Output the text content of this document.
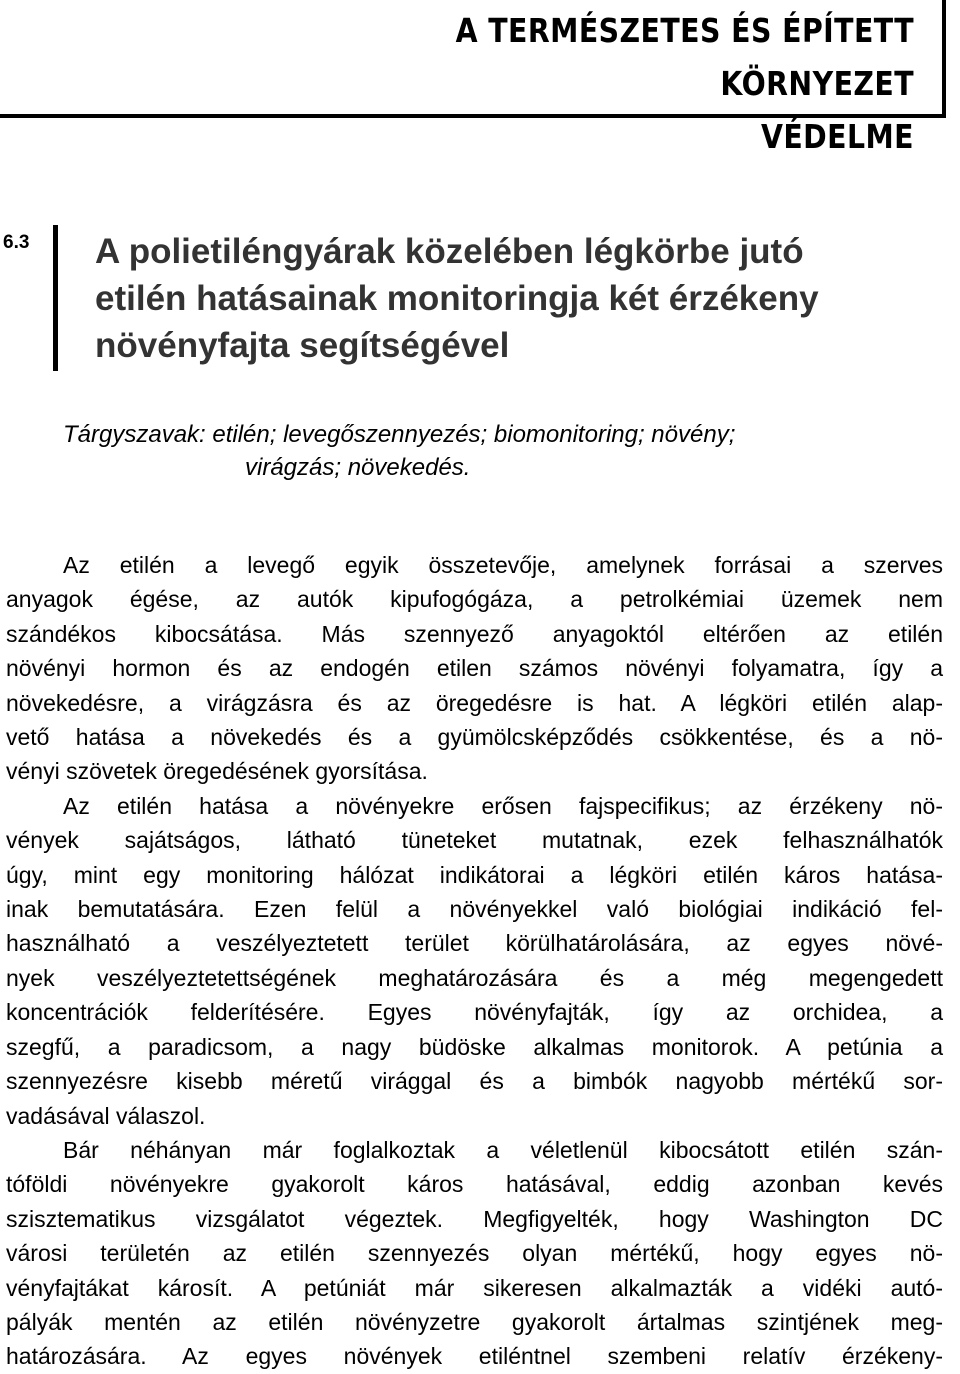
A TERMÉSZETES ÉS ÉPÍTETT KÖRNYEZET
VÉDELME
6.3 A polietiléngyárak közelében légkörbe jutó
etilén hatásainak monitoringja két érzékeny
növényfajta segítségével
Tárgyszavak: etilén; levegőszennyezés; biomonitoring; növény;
virágzás; növekedés.

Az etilén a levegő egyik összetevője, amelynek forrásai a szerves
anyagok égése, az autók kipufogógáza, a petrolkémiai üzemek nem
szándékos kibocsátása. Más szennyező anyagoktól eltérően az etilén
növényi hormon és az endogén etilen számos növényi folyamatra, így a
növekedésre, a virágzásra és az öregedésre is hat. A légköri etilén alap-
vető hatása a növekedés és a gyümölcsképződés csökkentése, és a nö-
vényi szövetek öregedésének gyorsítása.

Az etilén hatása a növényekre erősen fajspecifikus; az érzékeny nö-
vények sajátságos, látható tüneteket mutatnak, ezek felhasználhatók
úgy, mint egy monitoring hálózat indikátorai a légköri etilén káros hatása-
inak bemutatására. Ezen felül a növényekkel való biológiai indikáció fel-
használható a veszélyeztetett terület körülhatárolására, az egyes növé-
nyek veszélyeztetettségének meghatározására és a még megengedett
koncentrációk felderítésére. Egyes növényfajták, így az orchidea, a
szegfű, a paradicsom, a nagy büdöske alkalmas monitorok. A petúnia a
szennyezésre kisebb méretű virággal és a bimbók nagyobb mértékű sor-
vadásával válaszol.

Bár néhányan már foglalkoztak a véletlenül kibocsátott etilén szán-
tóföldi növényekre gyakorolt káros hatásával, eddig azonban kevés
szisztematikus vizsgálatot végeztek. Megfigyelték, hogy Washington DC
városi területén az etilén szennyezés olyan mértékű, hogy egyes nö-
vényfajtákat károsít. A petúniát már sikeresen alkalmazták a vidéki autó-
pályák mentén az etilén növényzetre gyakorolt ártalmas szintjének meg-
határozására. Az egyes növények etiléntnel szembeni relatív érzékeny-
